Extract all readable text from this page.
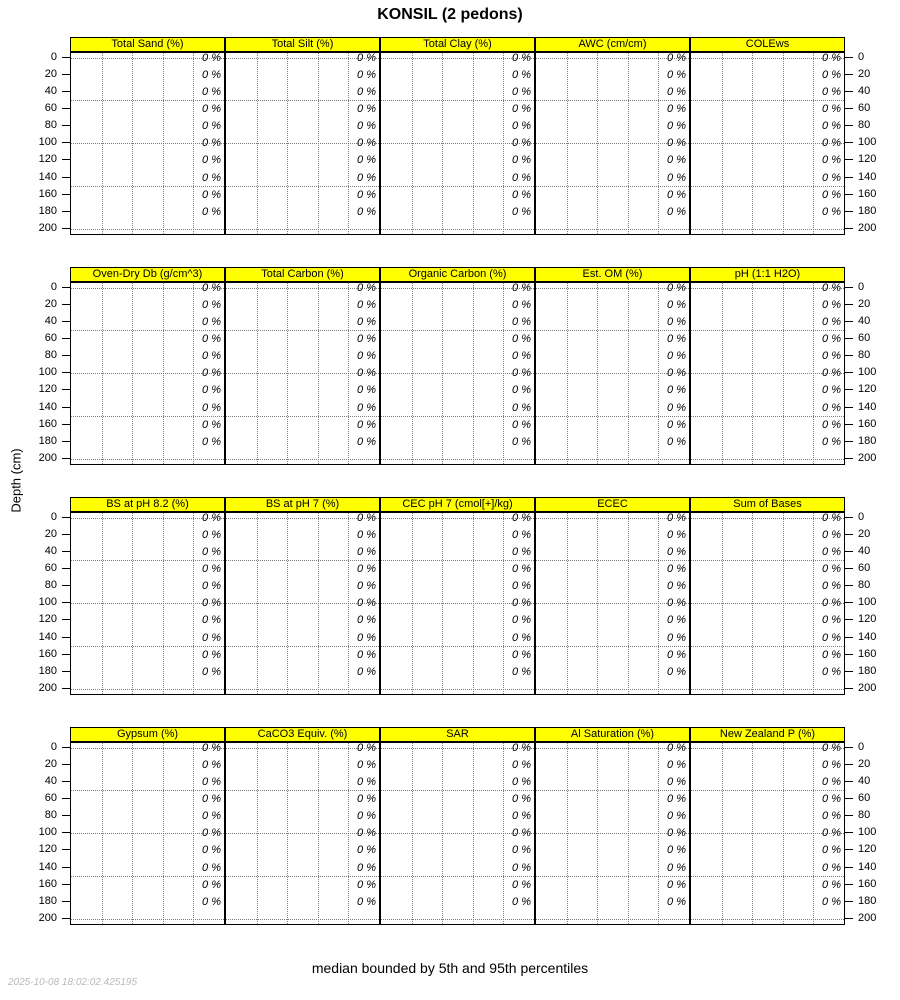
KONSIL (2 pedons)
Depth (cm)
Total Sand (%)
0 %
0 %
0 %
0 %
0 %
0 %
0 %
0 %
0 %
0 %
Total Silt (%)
0 %
0 %
0 %
0 %
0 %
0 %
0 %
0 %
0 %
0 %
Total Clay (%)
0 %
0 %
0 %
0 %
0 %
0 %
0 %
0 %
0 %
0 %
AWC (cm/cm)
0 %
0 %
0 %
0 %
0 %
0 %
0 %
0 %
0 %
0 %
COLEws
0 %
0 %
0 %
0 %
0 %
0 %
0 %
0 %
0 %
0 %
0	0
20	20
40	40
60	60
80	80
100	100
120	120
140	140
160	160
180	180
200	200
Oven-Dry Db (g/cm^3)
0 %
0 %
0 %
0 %
0 %
0 %
0 %
0 %
0 %
0 %
Total Carbon (%)
0 %
0 %
0 %
0 %
0 %
0 %
0 %
0 %
0 %
0 %
Organic Carbon (%)
0 %
0 %
0 %
0 %
0 %
0 %
0 %
0 %
0 %
0 %
Est. OM (%)
0 %
0 %
0 %
0 %
0 %
0 %
0 %
0 %
0 %
0 %
pH (1:1 H2O)
0 %
0 %
0 %
0 %
0 %
0 %
0 %
0 %
0 %
0 %
0	0
20	20
40	40
60	60
80	80
100	100
120	120
140	140
160	160
180	180
200	200
BS at pH 8.2 (%)
0 %
0 %
0 %
0 %
0 %
0 %
0 %
0 %
0 %
0 %
BS at pH 7 (%)
0 %
0 %
0 %
0 %
0 %
0 %
0 %
0 %
0 %
0 %
CEC pH 7 (cmol[+]/kg)
0 %
0 %
0 %
0 %
0 %
0 %
0 %
0 %
0 %
0 %
ECEC
0 %
0 %
0 %
0 %
0 %
0 %
0 %
0 %
0 %
0 %
Sum of Bases
0 %
0 %
0 %
0 %
0 %
0 %
0 %
0 %
0 %
0 %
0	0
20	20
40	40
60	60
80	80
100	100
120	120
140	140
160	160
180	180
200	200
Gypsum (%)
0 %
0 %
0 %
0 %
0 %
0 %
0 %
0 %
0 %
0 %
CaCO3 Equiv. (%)
0 %
0 %
0 %
0 %
0 %
0 %
0 %
0 %
0 %
0 %
SAR
0 %
0 %
0 %
0 %
0 %
0 %
0 %
0 %
0 %
0 %
Al Saturation (%)
0 %
0 %
0 %
0 %
0 %
0 %
0 %
0 %
0 %
0 %
New Zealand P (%)
0 %
0 %
0 %
0 %
0 %
0 %
0 %
0 %
0 %
0 %
0	0
20	20
40	40
60	60
80	80
100	100
120	120
140	140
160	160
180	180
200	200
median bounded by 5th and 95th percentiles
2025-10-08 18:02:02.425195
